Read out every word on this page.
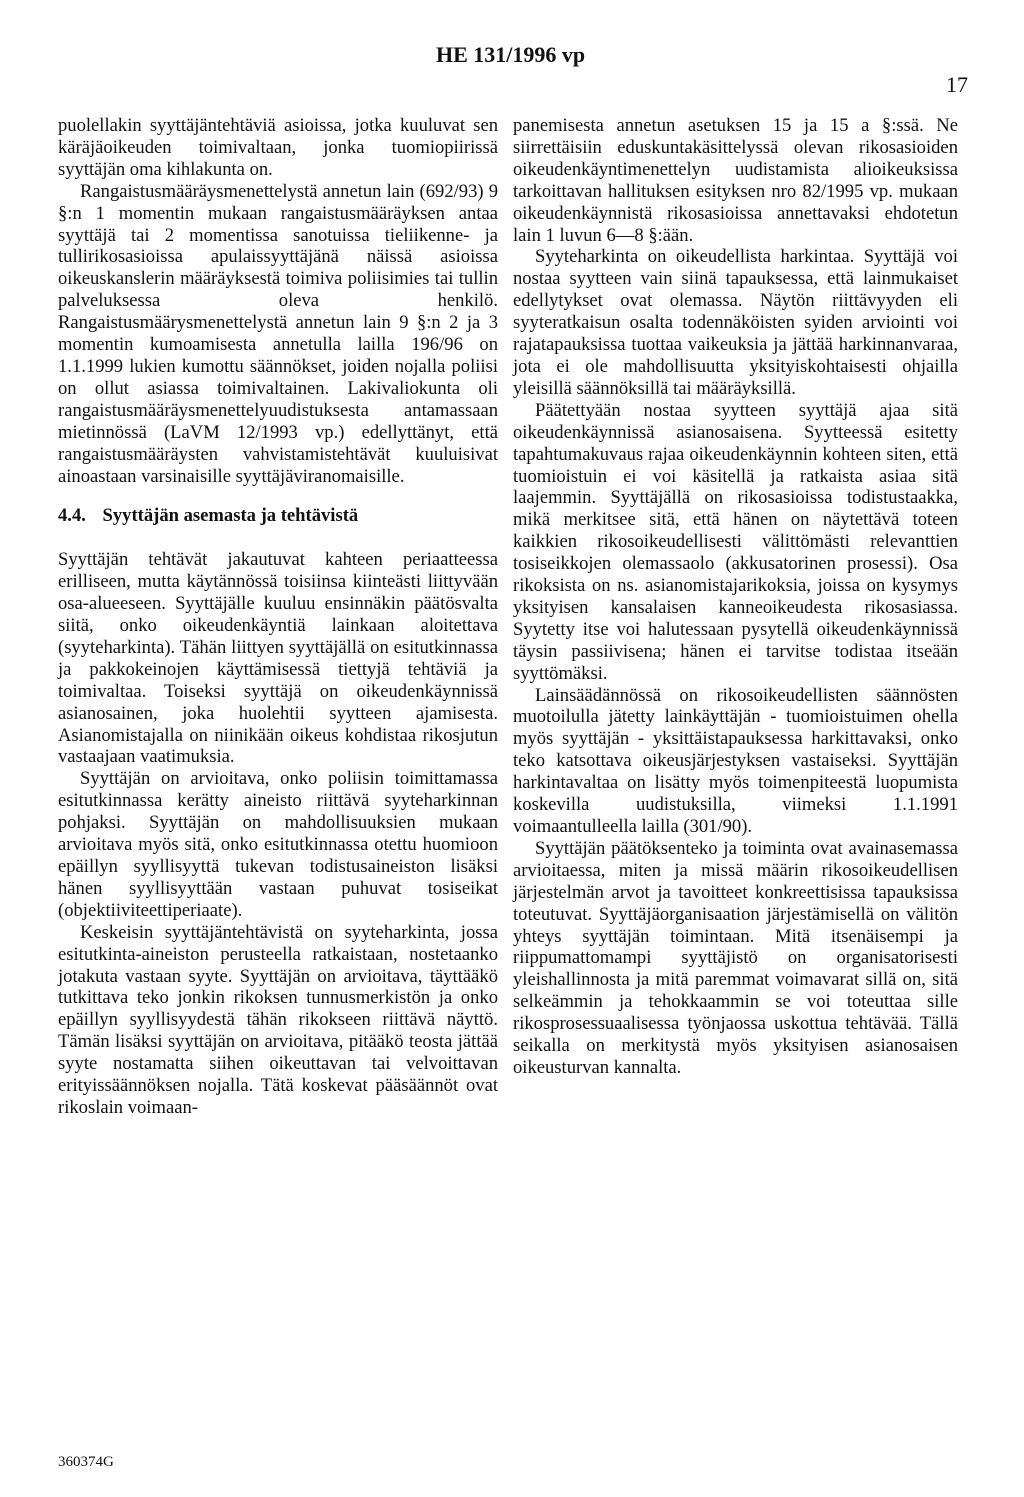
HE 131/1996 vp
17

puolellakin syyttäjäntehtäviä asioissa, jotka kuuluvat sen käräjäoikeuden toimivaltaan, jonka tuomiopiirissä syyttäjän oma kihlakunta on.

Rangaistusmääräysmenettelystä annetun lain (692/93) 9 §:n 1 momentin mukaan rangaistusmääräyksen antaa syyttäjä tai 2 momentissa sanotuissa tieliikenne- ja tullirikosasioissa apulaissyyttäjänä näissä asioissa oikeuskanslerin määräyksestä toimiva poliisimies tai tullin palveluksessa oleva henkilö. Rangaistusmäärysmenettelystä annetun lain 9 §:n 2 ja 3 momentin kumoamisesta annetulla lailla 196/96 on 1.1.1999 lukien kumottu säännökset, joiden nojalla poliisi on ollut asiassa toimivaltainen. Lakivaliokunta oli rangaistusmääräysmenettelyuudistuksesta antamassaan mietinnössä (LaVM 12/1993 vp.) edellyttänyt, että rangaistusmääräysten vahvistamistehtävät kuuluisivat ainoastaan varsinaisille syyttäjäviranomaisille.

4.4. Syyttäjän asemasta ja tehtävistä

Syyttäjän tehtävät jakautuvat kahteen periaatteessa erilliseen, mutta käytännössä toisiinsa kiinteästi liittyvään osa-alueeseen. Syyttäjälle kuuluu ensinnäkin päätösvalta siitä, onko oikeudenkäyntiä lainkaan aloitettava (syyteharkinta). Tähän liittyen syyttäjällä on esitutkinnassa ja pakkokeinojen käyttämisessä tiettyjä tehtäviä ja toimivaltaa. Toiseksi syyttäjä on oikeudenkäynnissä asianosainen, joka huolehtii syytteen ajamisesta. Asianomistajalla on niinikään oikeus kohdistaa rikosjutun vastaajaan vaatimuksia.

Syyttäjän on arvioitava, onko poliisin toimittamassa esitutkinnassa kerätty aineisto riittävä syyteharkinnan pohjaksi. Syyttäjän on mahdollisuuksien mukaan arvioitava myös sitä, onko esitutkinnassa otettu huomioon epäillyn syyllisyyttä tukevan todistusaineiston lisäksi hänen syyllisyyttään vastaan puhuvat tosiseikat (objektiiviteettiperiaate).

Keskeisin syyttäjäntehtävistä on syyteharkinta, jossa esitutkinta-aineiston perusteella ratkaistaan, nostetaanko jotakuta vastaan syyte. Syyttäjän on arvioitava, täyttääkö tutkittava teko jonkin rikoksen tunnusmerkistön ja onko epäillyn syyllisyydestä tähän rikokseen riittävä näyttö. Tämän lisäksi syyttäjän on arvioitava, pitääkö teosta jättää syyte nostamatta siihen oikeuttavan tai velvoittavan erityissäännöksen nojalla. Tätä koskevat pääsäännöt ovat rikoslain voimaan-

panemisesta annetun asetuksen 15 ja 15 a §:ssä. Ne siirrettäisiin eduskuntakäsittelyssä olevan rikosasioiden oikeudenkäyntimenettelyn uudistamista alioikeuksissa tarkoittavan hallituksen esityksen nro 82/1995 vp. mukaan oikeudenkäynnistä rikosasioissa annettavaksi ehdotetun lain 1 luvun 6—8 §:ään.

Syyteharkinta on oikeudellista harkintaa. Syyttäjä voi nostaa syytteen vain siinä tapauksessa, että lainmukaiset edellytykset ovat olemassa. Näytön riittävyyden eli syyteratkaisun osalta todennäköisten syiden arviointi voi rajatapauksissa tuottaa vaikeuksia ja jättää harkinnanvaraa, jota ei ole mahdollisuutta yksityiskohtaisesti ohjailla yleisillä säännöksillä tai määräyksillä.

Päätettyään nostaa syytteen syyttäjä ajaa sitä oikeudenkäynnissä asianosaisena. Syytteessä esitetty tapahtumakuvaus rajaa oikeudenkäynnin kohteen siten, että tuomioistuin ei voi käsitellä ja ratkaista asiaa sitä laajemmin. Syyttäjällä on rikosasioissa todistustaakka, mikä merkitsee sitä, että hänen on näytettävä toteen kaikkien rikosoikeudellisesti välittömästi relevanttien tosiseikkojen olemassaolo (akkusatorinen prosessi). Osa rikoksista on ns. asianomistajarikoksia, joissa on kysymys yksityisen kansalaisen kanneoikeudesta rikosasiassa. Syytetty itse voi halutessaan pysytellä oikeudenkäynnissä täysin passiivisena; hänen ei tarvitse todistaa itseään syyttömäksi.

Lainsäädännössä on rikosoikeudellisten säännösten muotoilulla jätetty lainkäyttäjän - tuomioistuimen ohella myös syyttäjän - yksittäistapauksessa harkittavaksi, onko teko katsottava oikeusjärjestyksen vastaiseksi. Syyttäjän harkintavaltaa on lisätty myös toimenpiteestä luopumista koskevilla uudistuksilla, viimeksi 1.1.1991 voimaantulleella lailla (301/90).

Syyttäjän päätöksenteko ja toiminta ovat avainasemassa arvioitaessa, miten ja missä määrin rikosoikeudellisen järjestelmän arvot ja tavoitteet konkreettisissa tapauksissa toteutuvat. Syyttäjäorganisaation järjestämisellä on välitön yhteys syyttäjän toimintaan. Mitä itsenäisempi ja riippumattomampi syyttäjistö on organisatorisesti yleishallinnosta ja mitä paremmat voimavarat sillä on, sitä selkeämmin ja tehokkaammin se voi toteuttaa sille rikosprosessuaalisessa työnjaossa uskottua tehtävää. Tällä seikalla on merkitystä myös yksityisen asianosaisen oikeusturvan kannalta.

360374G
